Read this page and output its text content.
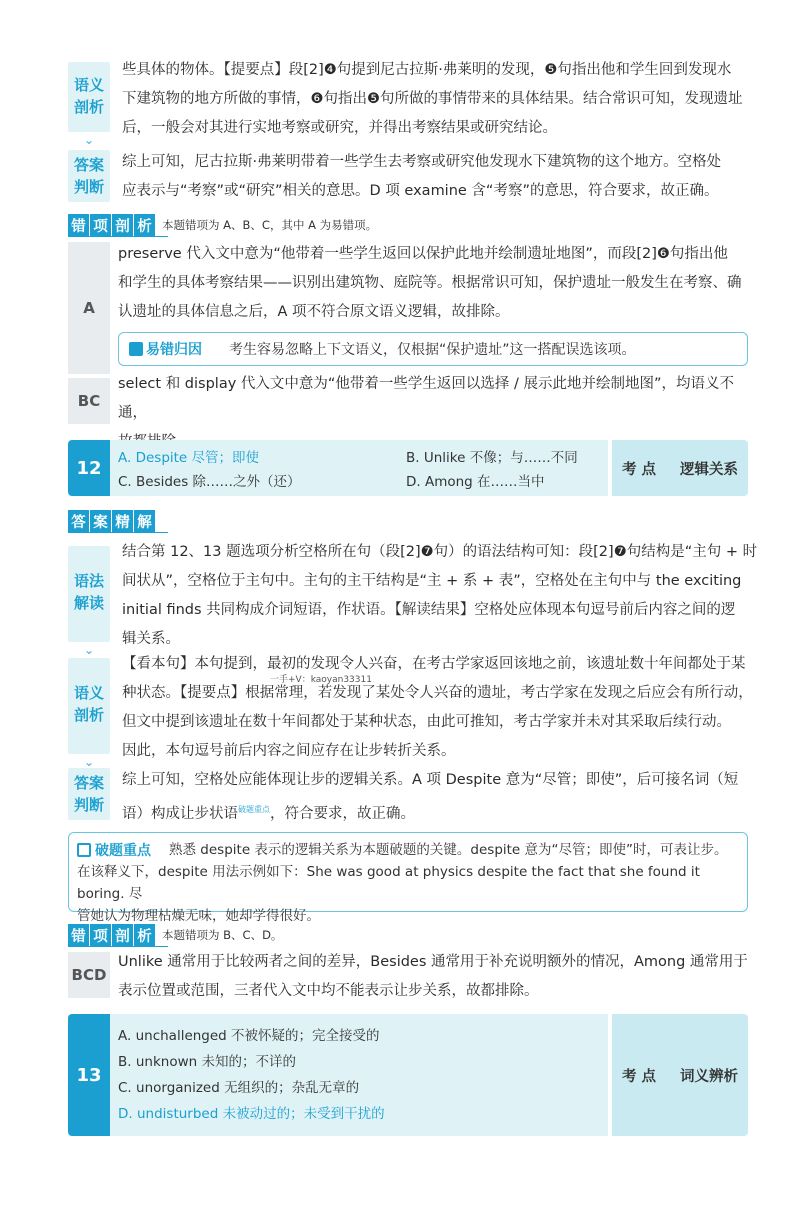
语义
剖析 ⌄
些具体的物体。【提要点】段[2]❹句提到尼古拉斯·弗莱明的发现，❺句指出他和学生回到发现水
下建筑物的地方所做的事情，❻句指出❺句所做的事情带来的具体结果。结合常识可知，发现遗址
后，一般会对其进行实地考察或研究，并得出考察结果或研究结论。
答案
判断
综上可知，尼古拉斯·弗莱明带着一些学生去考察或研究他发现水下建筑物的这个地方。空格处
应表示与“考察”或“研究”相关的意思。D 项 examine 含“考察”的意思，符合要求，故正确。
错 项 剖 析 本题错项为 A、B、C，其中 A 为易错项。
A
preserve 代入文中意为“他带着一些学生返回以保护此地并绘制遗址地图”，而段[2]❻句指出他
和学生的具体考察结果——识别出建筑物、庭院等。根据常识可知，保护遗址一般发生在考察、确
认遗址的具体信息之后，A 项不符合原文语义逻辑，故排除。
易错归因 考生容易忽略上下文语义，仅根据“保护遗址”这一搭配误选该项。
BC
select 和 display 代入文中意为“他带着一些学生返回以选择 / 展示此地并绘制地图”，均语义不通，
12	A. Despite 尽管；即使	B. Unlike 不像；与……不同
C. Besides 除……之外（还）	D. Among 在……当中
考 点 逻辑关系
答 案 精 解
语法
解读 ⌄
结合第 12、13 题选项分析空格所在句（段[2]❼句）的语法结构可知：段[2]❼句结构是“主句 + 时
间状从”，空格位于主句中。主句的主干结构是“主 + 系 + 表”，空格处在主句中与 the exciting
initial finds 共同构成介词短语，作状语。【解读结果】空格处应体现本句逗号前后内容之间的逻
辑关系。
语义
剖析 ⌄
【看本句】本句提到，最初的发现令人兴奋，在考古学家返回该地之前，该遗址数十年间都处于某
种状态。【提要点】根据常理，若发现了某处令人兴奋的遗址，考古学家在发现之后应会有所行动，
但文中提到该遗址在数十年间都处于某种状态，由此可推知，考古学家并未对其采取后续行动。
因此，本句逗号前后内容之间应存在让步转折关系。
一手+V：kaoyan33311
答案
判断
综上可知，空格处应能体现让步的逻辑关系。A 项 Despite 意为“尽管；即使”，后可接名词（短
语）构成让步状语$^{破题重点}$，符合要求，故正确。
破题重点	熟悉 despite 表示的逻辑关系为本题破题的关键。despite 意为“尽管；即使”时，可表让步。
在该释义下，despite 用法示例如下：She was good at physics despite the fact that she found it boring. 尽
管她认为物理枯燥无味，她却学得很好。
错 项 剖 析 本题错项为 B、C、D。
BCD
Unlike 通常用于比较两者之间的差异，Besides 通常用于补充说明额外的情况，Among 通常用于
表示位置或范围，三者代入文中均不能表示让步关系，故都排除。
13
A. unchallenged 不被怀疑的；完全接受的
B. unknown 未知的；不详的
C. unorganized 无组织的；杂乱无章的
D. undisturbed 未被动过的；未受到干扰的
考 点 词义辨析
